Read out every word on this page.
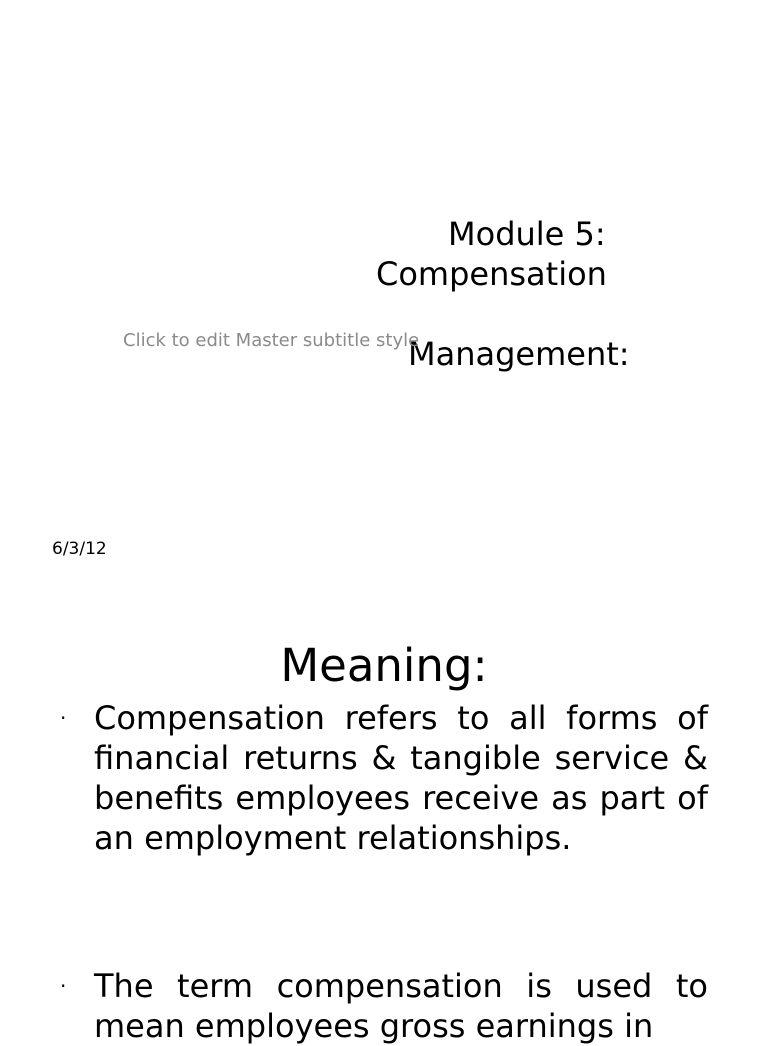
Module 5:
Compensation
Management:
Click to edit Master subtitle style
6/3/12
Meaning:
· Compensation refers to all forms of financial returns & tangible service & benefits employees receive as part of an employment relationships.
· The term compensation is used to mean employees gross earnings in
